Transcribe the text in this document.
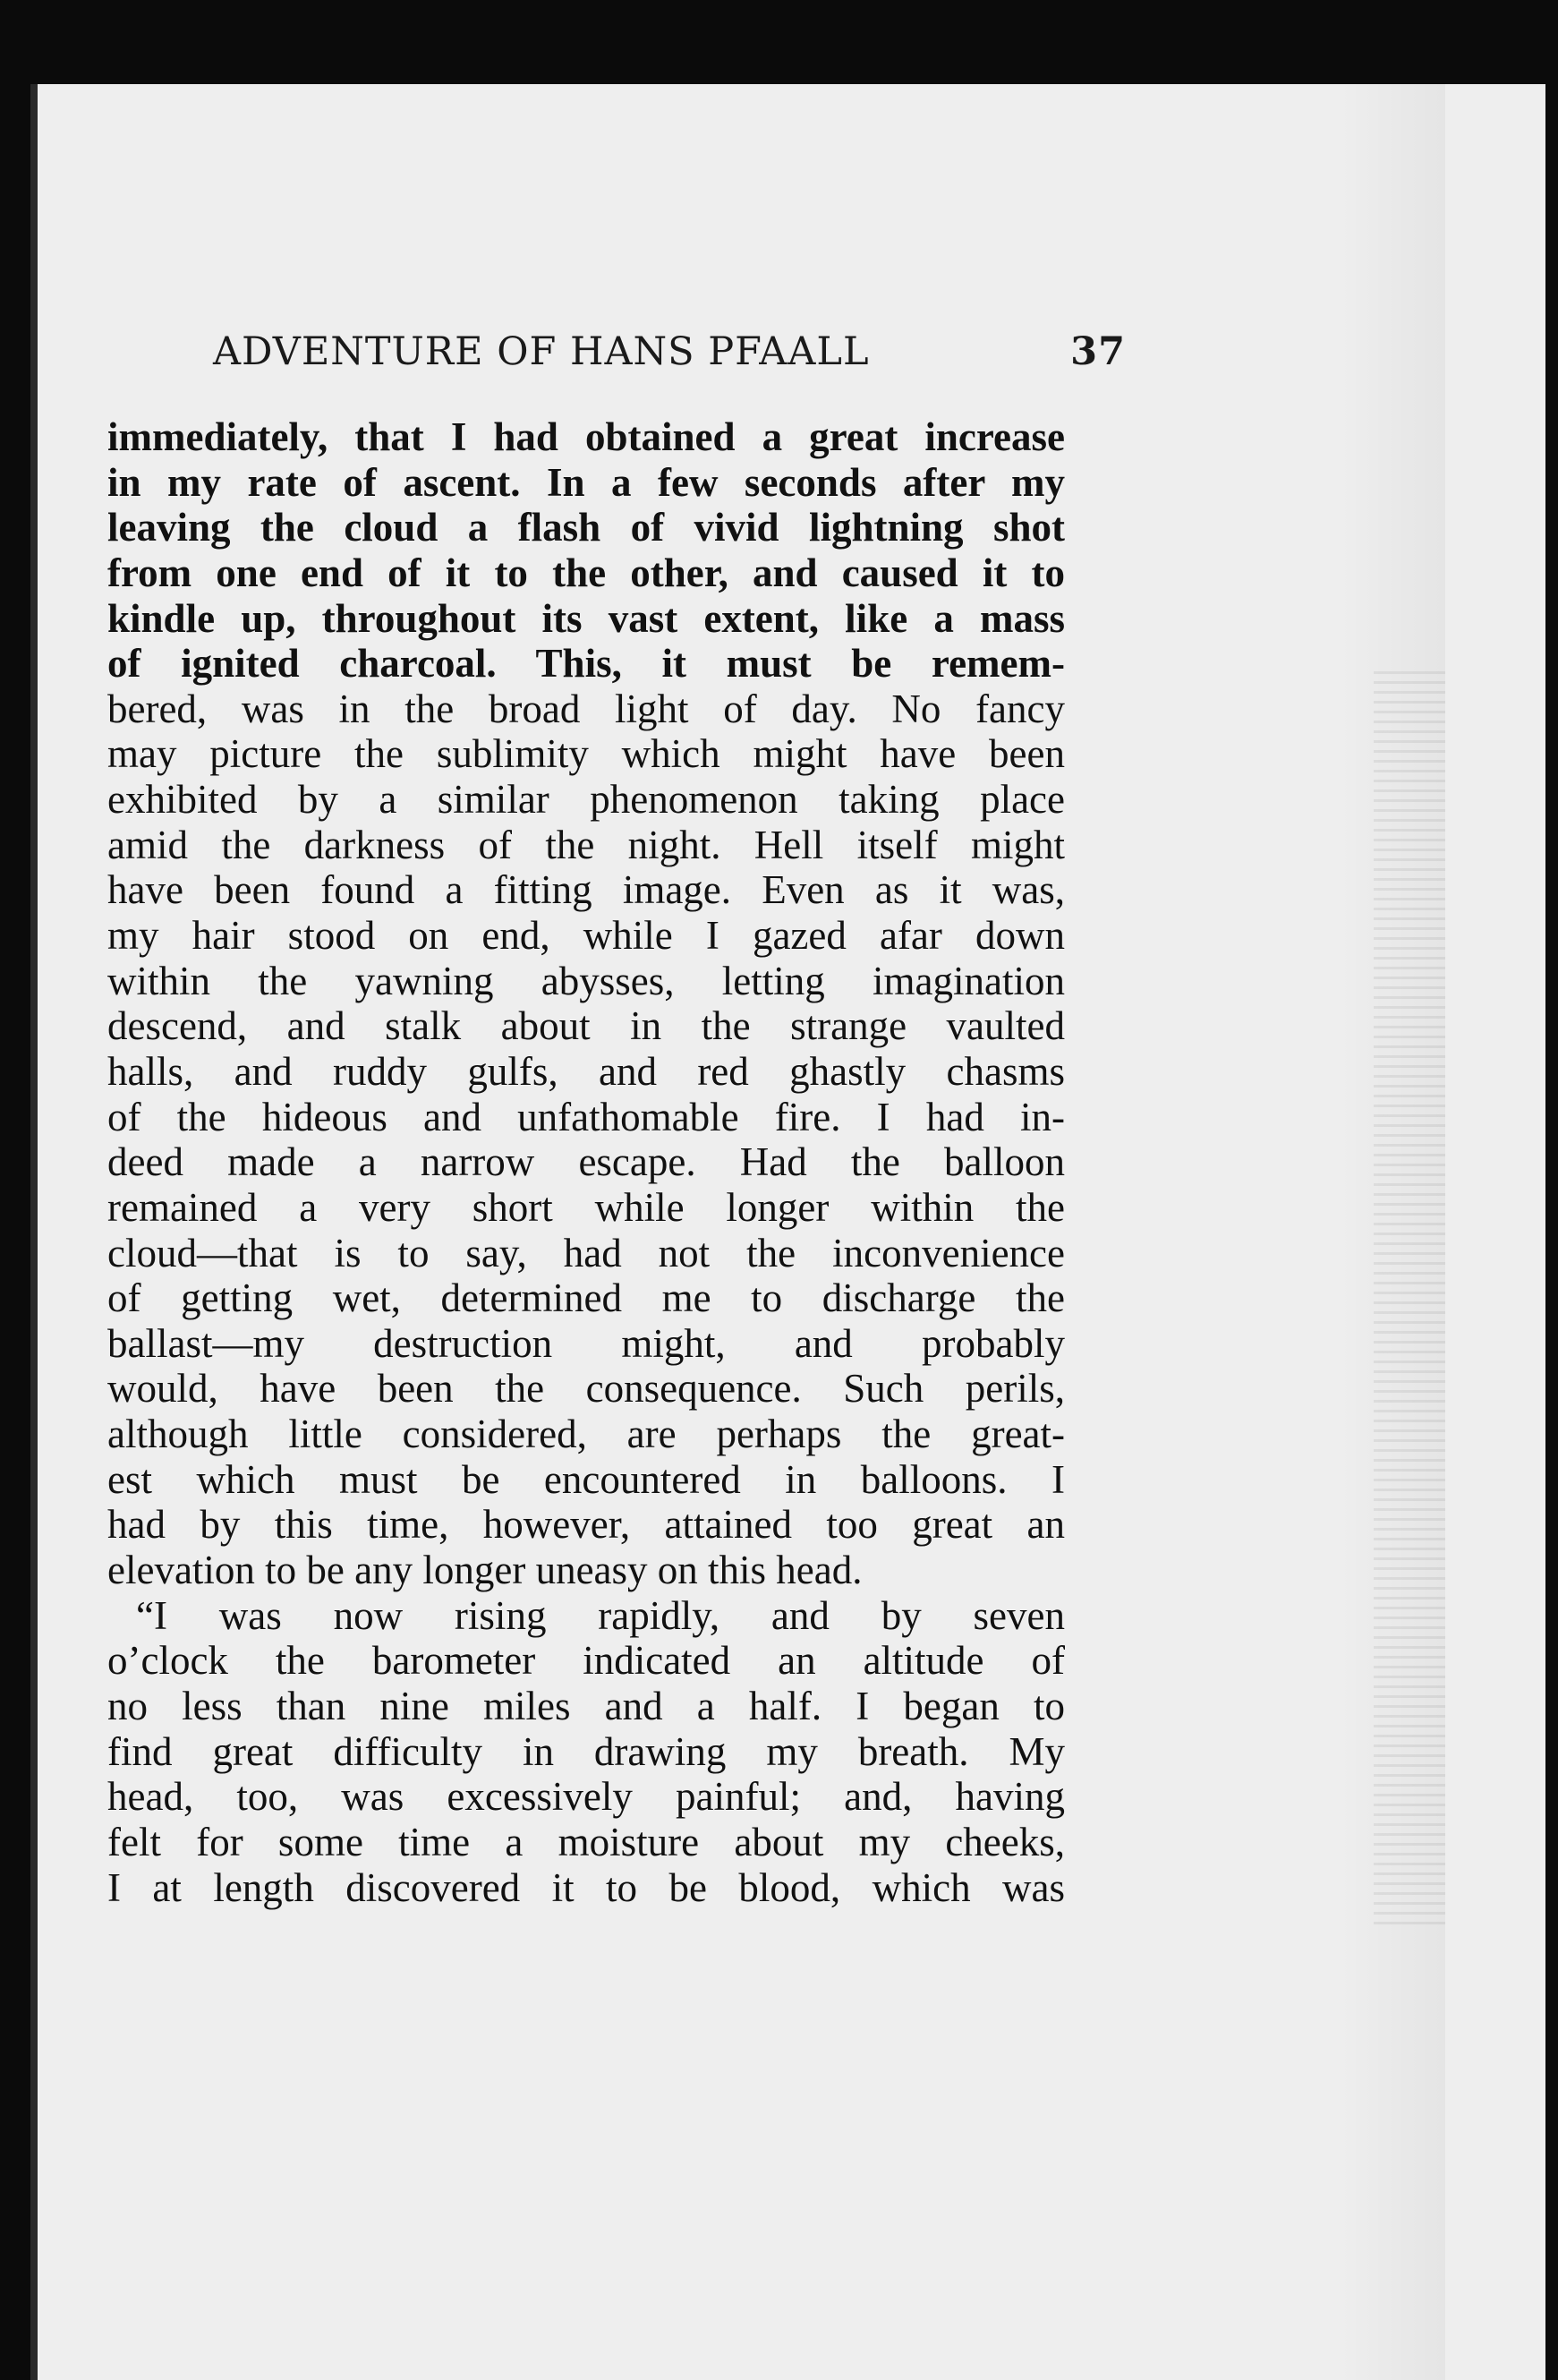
ADVENTURE OF HANS PFAALL	37
immediately, that I had obtained a great increase
in my rate of ascent. In a few seconds after my
leaving the cloud a flash of vivid lightning shot
from one end of it to the other, and caused it to
kindle up, throughout its vast extent, like a mass
of ignited charcoal. This, it must be remem-
bered, was in the broad light of day. No fancy
may picture the sublimity which might have been
exhibited by a similar phenomenon taking place
amid the darkness of the night. Hell itself might
have been found a fitting image. Even as it was,
my hair stood on end, while I gazed afar down
within the yawning abysses, letting imagination
descend, and stalk about in the strange vaulted
halls, and ruddy gulfs, and red ghastly chasms
of the hideous and unfathomable fire. I had in-
deed made a narrow escape. Had the balloon
remained a very short while longer within the
cloud—that is to say, had not the inconvenience
of getting wet, determined me to discharge the
ballast—my destruction might, and probably
would, have been the consequence. Such perils,
although little considered, are perhaps the great-
est which must be encountered in balloons. I
had by this time, however, attained too great an
elevation to be any longer uneasy on this head.
“I was now rising rapidly, and by seven
o’clock the barometer indicated an altitude of
no less than nine miles and a half. I began to
find great difficulty in drawing my breath. My
head, too, was excessively painful; and, having
felt for some time a moisture about my cheeks,
I at length discovered it to be blood, which was
